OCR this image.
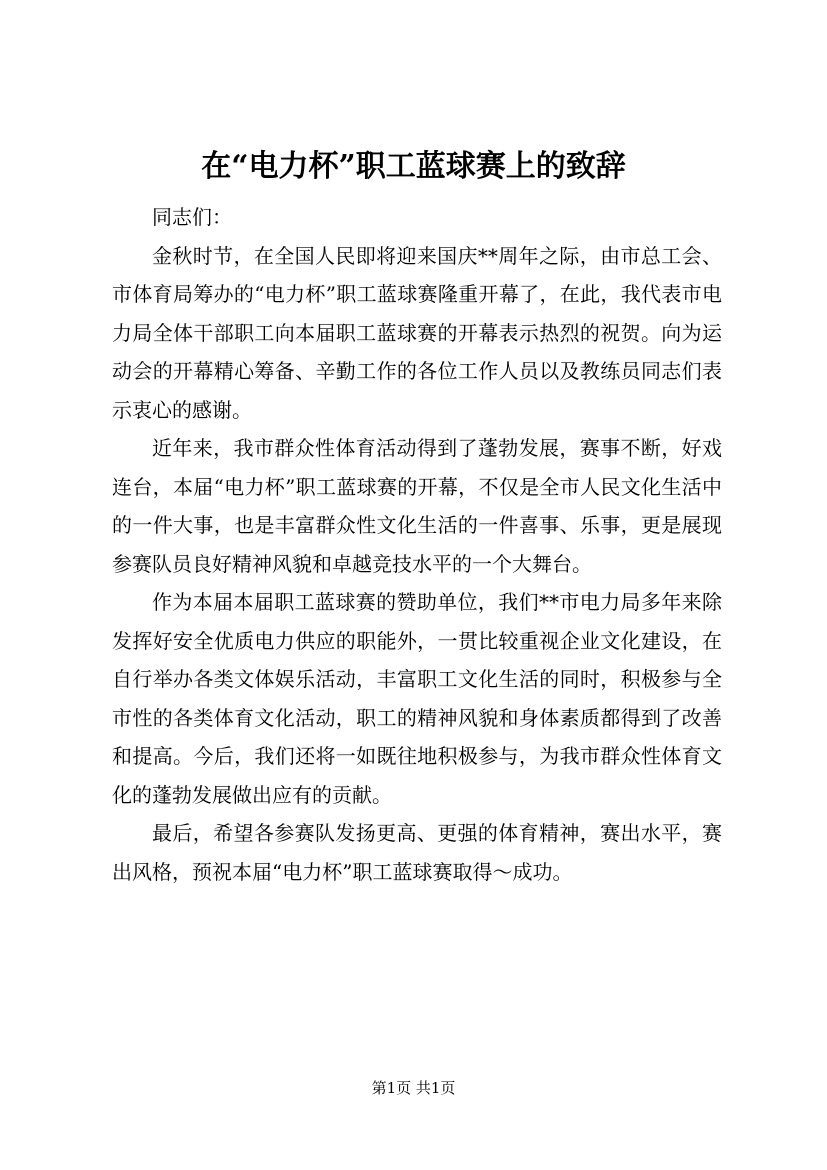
在“电力杯”职工蓝球赛上的致辞

同志们：

金秋时节，在全国人民即将迎来国庆**周年之际，由市总工会、市体育局筹办的“电力杯”职工蓝球赛隆重开幕了，在此，我代表市电力局全体干部职工向本届职工蓝球赛的开幕表示热烈的祝贺。向为运动会的开幕精心筹备、辛勤工作的各位工作人员以及教练员同志们表示衷心的感谢。

近年来，我市群众性体育活动得到了蓬勃发展，赛事不断，好戏连台，本届“电力杯”职工蓝球赛的开幕，不仅是全市人民文化生活中的一件大事，也是丰富群众性文化生活的一件喜事、乐事，更是展现参赛队员良好精神风貌和卓越竞技水平的一个大舞台。

作为本届本届职工蓝球赛的赞助单位，我们**市电力局多年来除发挥好安全优质电力供应的职能外，一贯比较重视企业文化建设，在自行举办各类文体娱乐活动，丰富职工文化生活的同时，积极参与全市性的各类体育文化活动，职工的精神风貌和身体素质都得到了改善和提高。今后，我们还将一如既往地积极参与，为我市群众性体育文化的蓬勃发展做出应有的贡献。

最后，希望各参赛队发扬更高、更强的体育精神，赛出水平，赛出风格，预祝本届“电力杯”职工蓝球赛取得～成功。

第1页 共1页
